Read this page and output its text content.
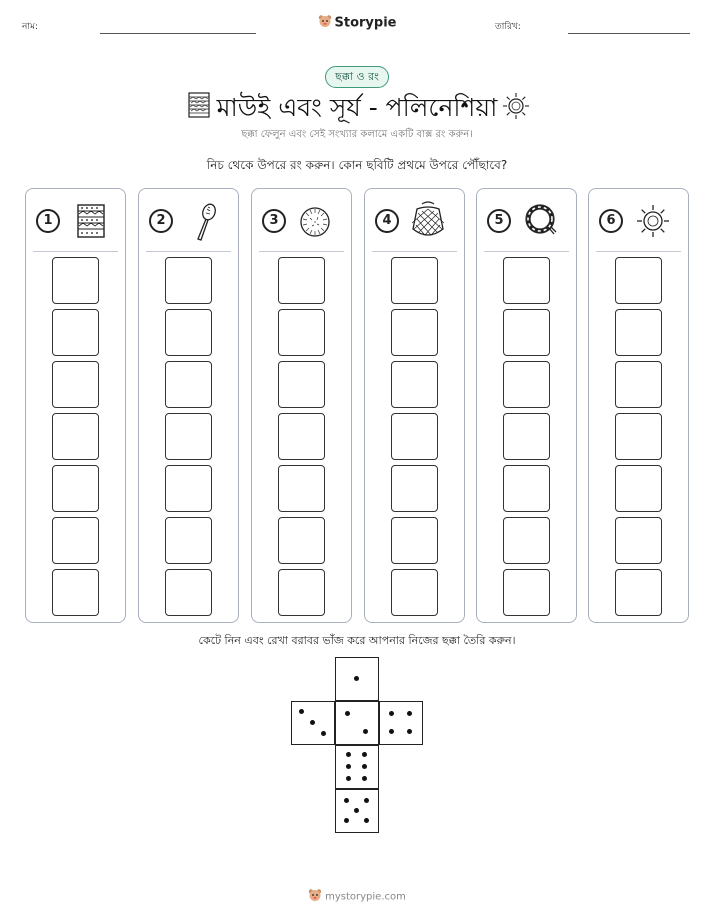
নাম:	Storypie	তারিখ:
ছক্কা ও রং
মাউই এবং সূর্য - পলিনেশিয়া
ছক্কা ফেলুন এবং সেই সংখ্যার কলামে একটি বাক্স রং করুন।
নিচ থেকে উপরে রং করুন। কোন ছবিটি প্রথমে উপরে পৌঁছাবে?
1	2	3	4	5	6
কেটে নিন এবং রেখা বরাবর ভাঁজ করে আপনার নিজের ছক্কা তৈরি করুন।
mystorypie.com
